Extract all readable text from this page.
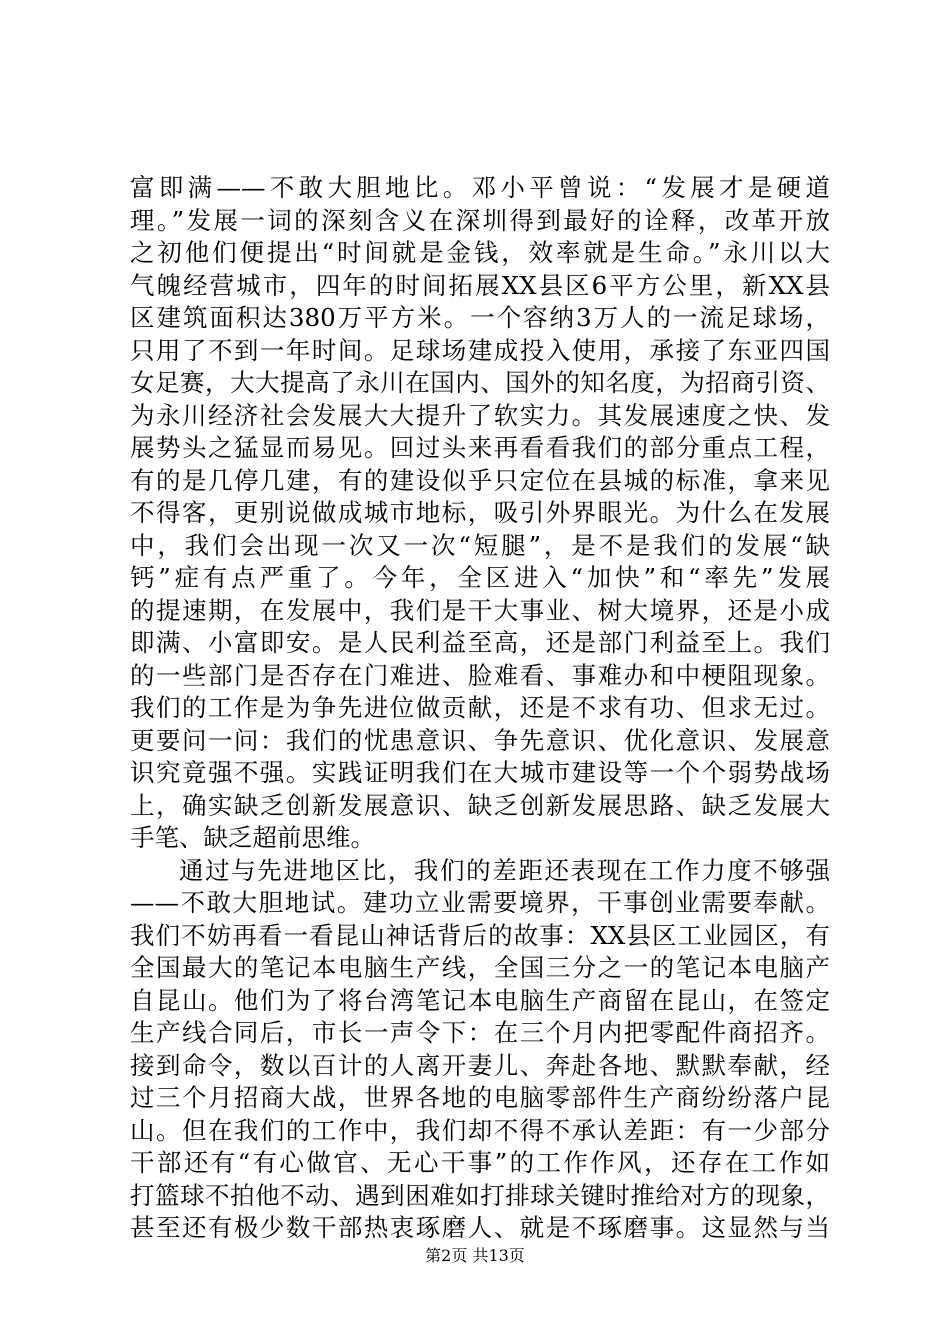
富即满——不敢大胆地比。邓小平曾说：“发展才是硬道
理。”发展一词的深刻含义在深圳得到最好的诠释，改革开放
之初他们便提出“时间就是金钱，效率就是生命。”永川以大
气魄经营城市，四年的时间拓展XX县区6平方公里，新XX县
区建筑面积达380万平方米。一个容纳3万人的一流足球场，
只用了不到一年时间。足球场建成投入使用，承接了东亚四国
女足赛，大大提高了永川在国内、国外的知名度，为招商引资、
为永川经济社会发展大大提升了软实力。其发展速度之快、发
展势头之猛显而易见。回过头来再看看我们的部分重点工程，
有的是几停几建，有的建设似乎只定位在县城的标准，拿来见
不得客，更别说做成城市地标，吸引外界眼光。为什么在发展
中，我们会出现一次又一次“短腿”，是不是我们的发展“缺
钙”症有点严重了。今年，全区进入“加快”和“率先”发展
的提速期，在发展中，我们是干大事业、树大境界，还是小成
即满、小富即安。是人民利益至高，还是部门利益至上。我们
的一些部门是否存在门难进、脸难看、事难办和中梗阻现象。
我们的工作是为争先进位做贡献，还是不求有功、但求无过。
更要问一问：我们的忧患意识、争先意识、优化意识、发展意
识究竟强不强。实践证明我们在大城市建设等一个个弱势战场
上，确实缺乏创新发展意识、缺乏创新发展思路、缺乏发展大
手笔、缺乏超前思维。
通过与先进地区比，我们的差距还表现在工作力度不够强
——不敢大胆地试。建功立业需要境界，干事创业需要奉献。
我们不妨再看一看昆山神话背后的故事：XX县区工业园区，有
全国最大的笔记本电脑生产线，全国三分之一的笔记本电脑产
自昆山。他们为了将台湾笔记本电脑生产商留在昆山，在签定
生产线合同后，市长一声令下：在三个月内把零配件商招齐。
接到命令，数以百计的人离开妻儿、奔赴各地、默默奉献，经
过三个月招商大战，世界各地的电脑零部件生产商纷纷落户昆
山。但在我们的工作中，我们却不得不承认差距：有一少部分
干部还有“有心做官、无心干事”的工作作风，还存在工作如
打篮球不拍他不动、遇到困难如打排球关键时推给对方的现象，
甚至还有极少数干部热衷琢磨人、就是不琢磨事。这显然与当
第2页 共13页
